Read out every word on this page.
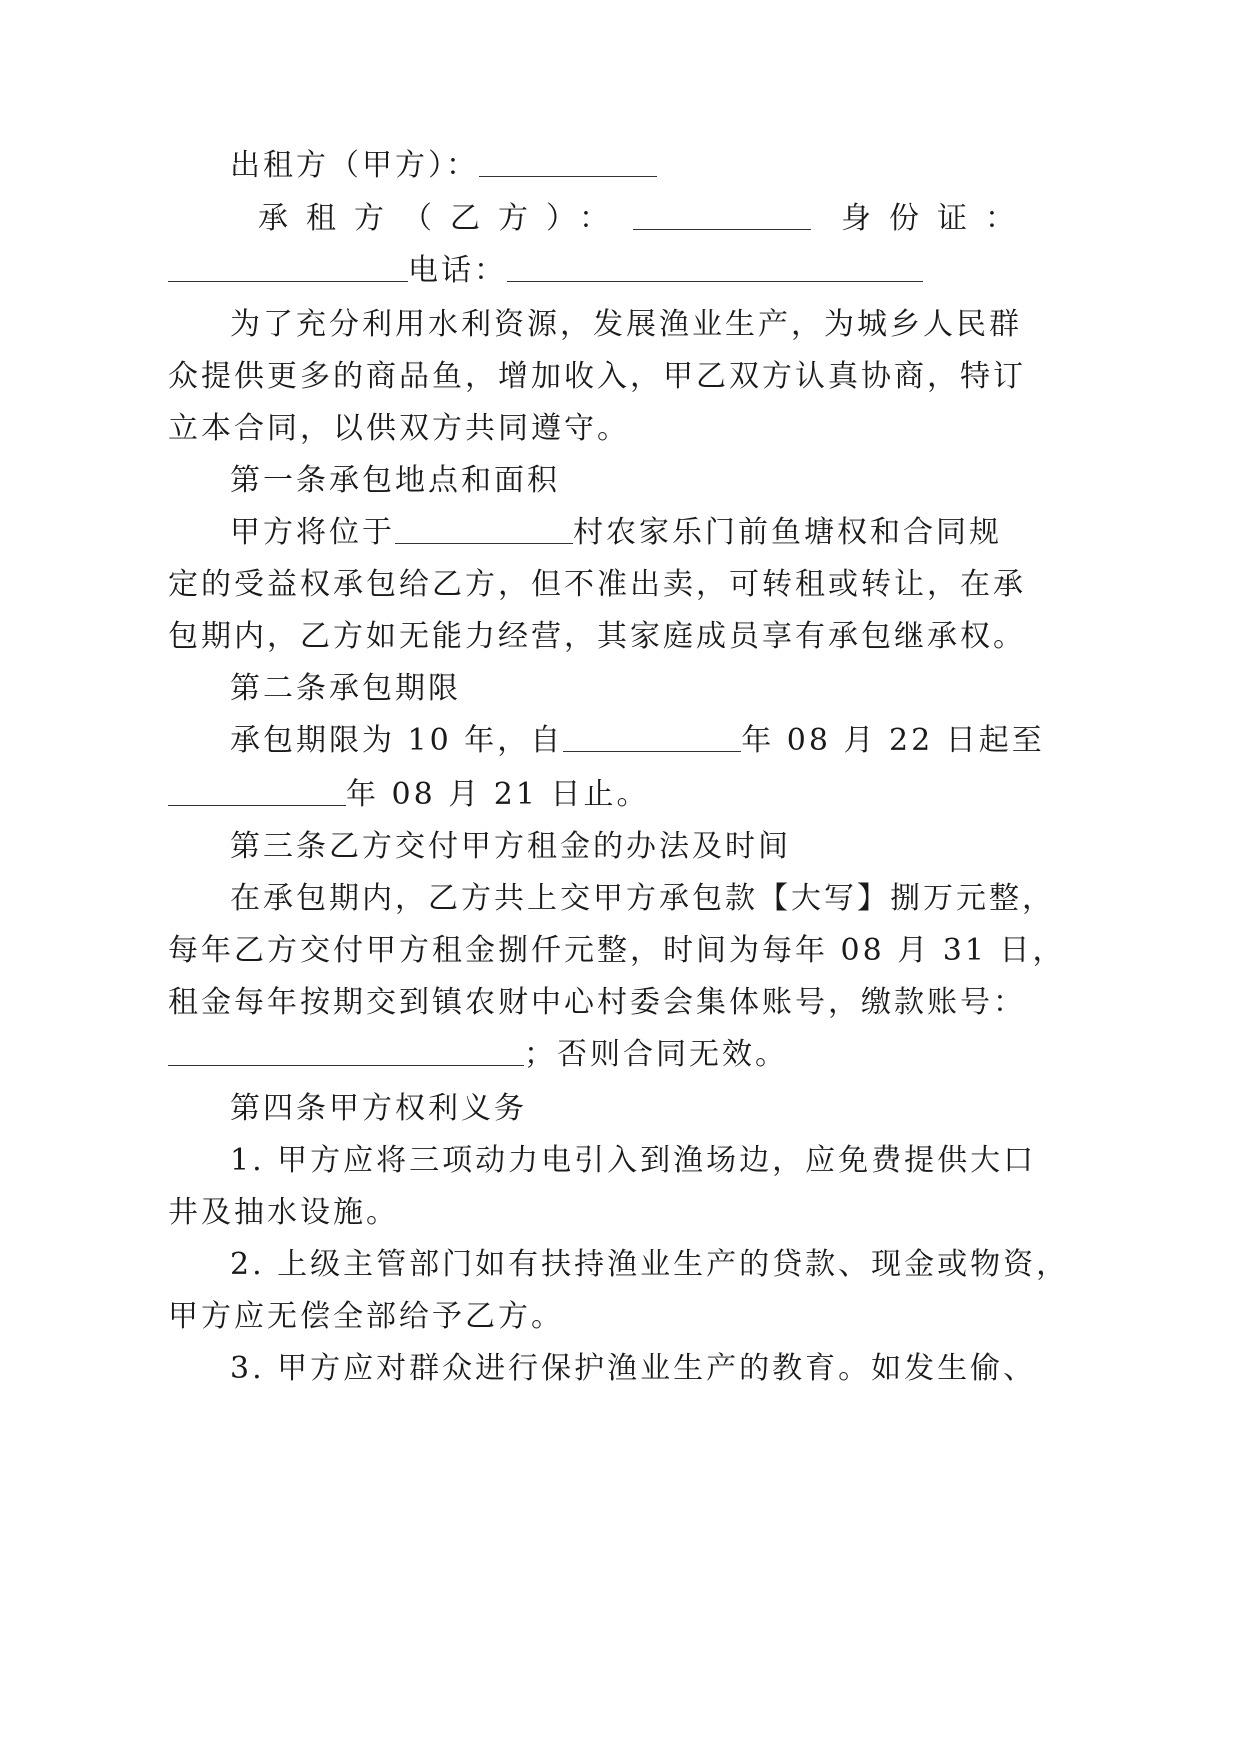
出租方（甲方）：
承租方（乙方）：	身份证：
电话：
为了充分利用水利资源，发展渔业生产，为城乡人民群
众提供更多的商品鱼，增加收入，甲乙双方认真协商，特订
立本合同，以供双方共同遵守。
第一条承包地点和面积
甲方将位于	村农家乐门前鱼塘权和合同规
定的受益权承包给乙方，但不准出卖，可转租或转让，在承
包期内，乙方如无能力经营，其家庭成员享有承包继承权。
第二条承包期限
承包期限为 10 年，自	年 08 月 22 日起至
年 08 月 21 日止。
第三条乙方交付甲方租金的办法及时间
在承包期内，乙方共上交甲方承包款【大写】捌万元整，
每年乙方交付甲方租金捌仟元整，时间为每年 08 月 31 日，
租金每年按期交到镇农财中心村委会集体账号，缴款账号：
；否则合同无效。
第四条甲方权利义务
1. 甲方应将三项动力电引入到渔场边，应免费提供大口
井及抽水设施。
2. 上级主管部门如有扶持渔业生产的贷款、现金或物资，
甲方应无偿全部给予乙方。
3. 甲方应对群众进行保护渔业生产的教育。如发生偷、
